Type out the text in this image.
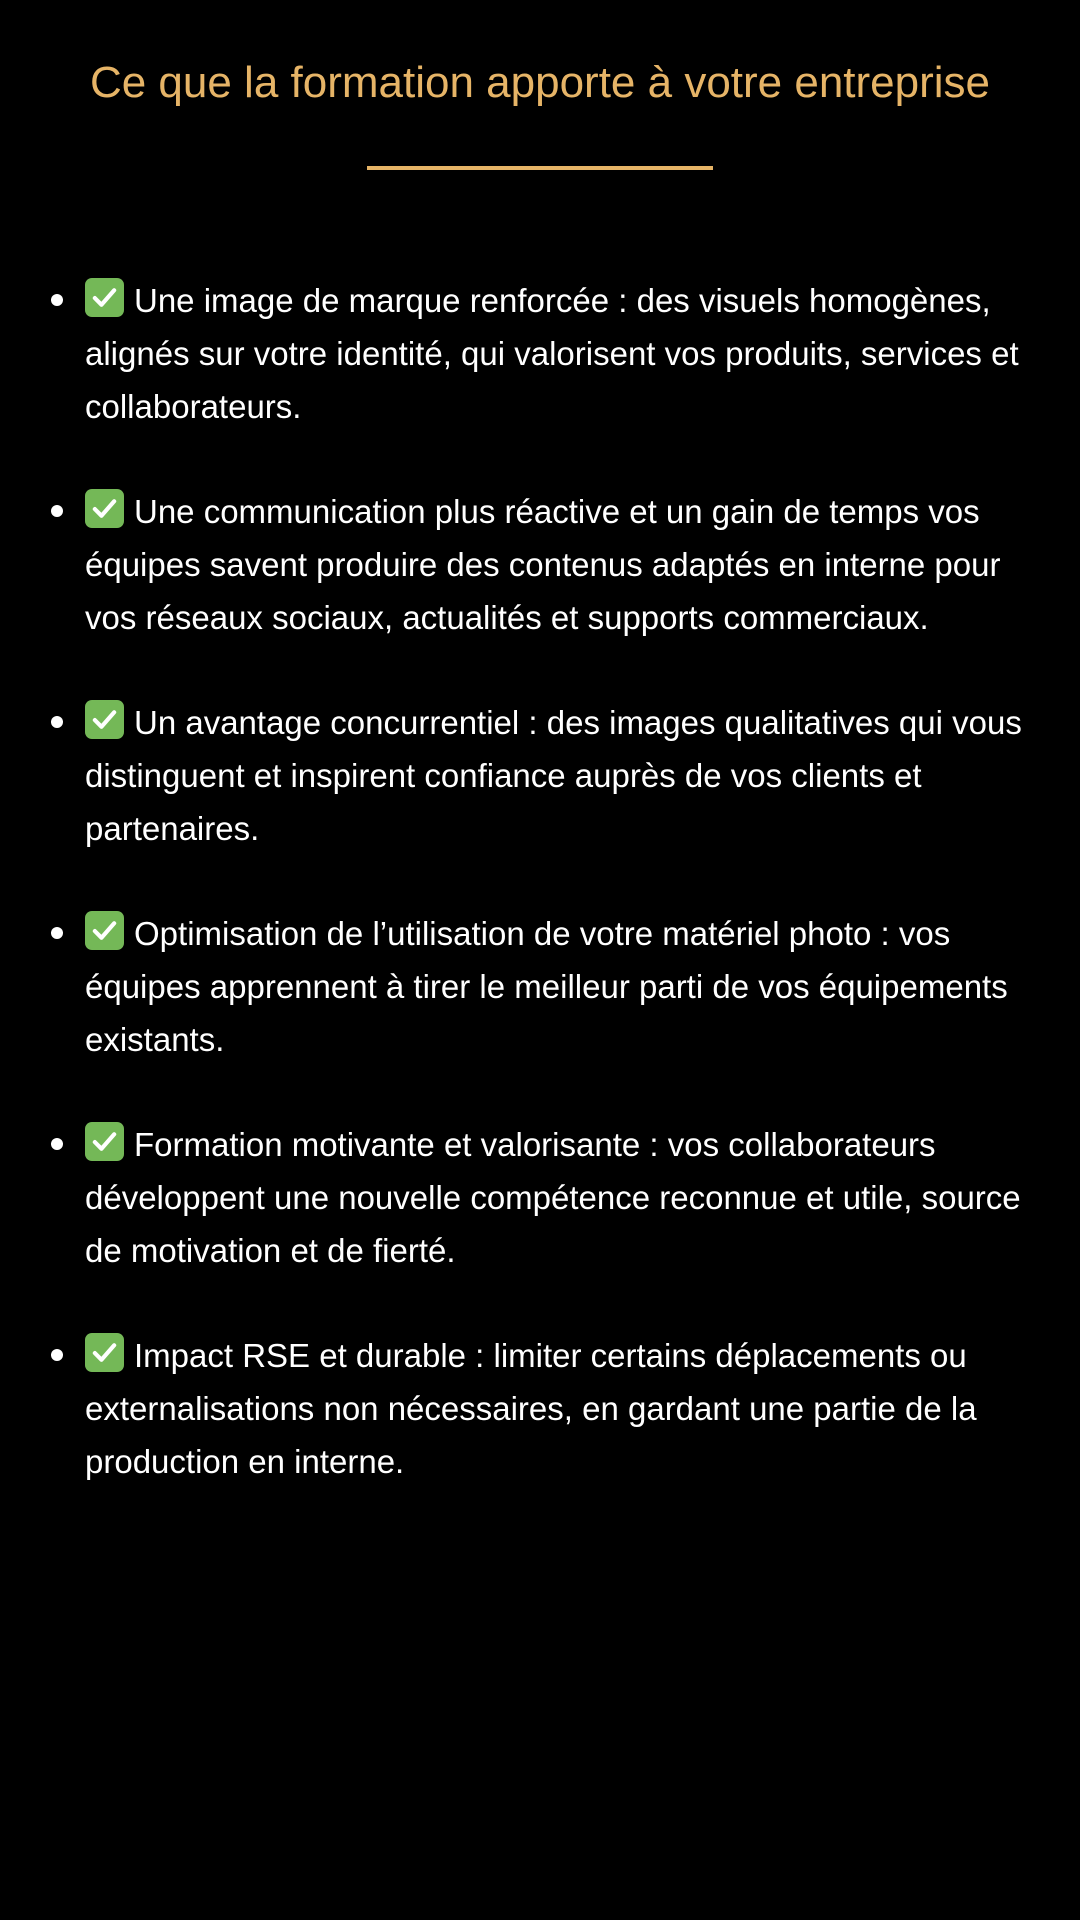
Ce que la formation apporte à votre entreprise
Une image de marque renforcée : des visuels homogènes, alignés sur votre identité, qui valorisent vos produits, services et collaborateurs.
Une communication plus réactive et un gain de temps vos équipes savent produire des contenus adaptés en interne pour vos réseaux sociaux, actualités et supports commerciaux.
Un avantage concurrentiel : des images qualitatives qui vous distinguent et inspirent confiance auprès de vos clients et partenaires.
Optimisation de l’utilisation de votre matériel photo : vos équipes apprennent à tirer le meilleur parti de vos équipements existants.
Formation motivante et valorisante : vos collaborateurs développent une nouvelle compétence reconnue et utile, source de motivation et de fierté.
Impact RSE et durable : limiter certains déplacements ou externalisations non nécessaires, en gardant une partie de la production en interne.
